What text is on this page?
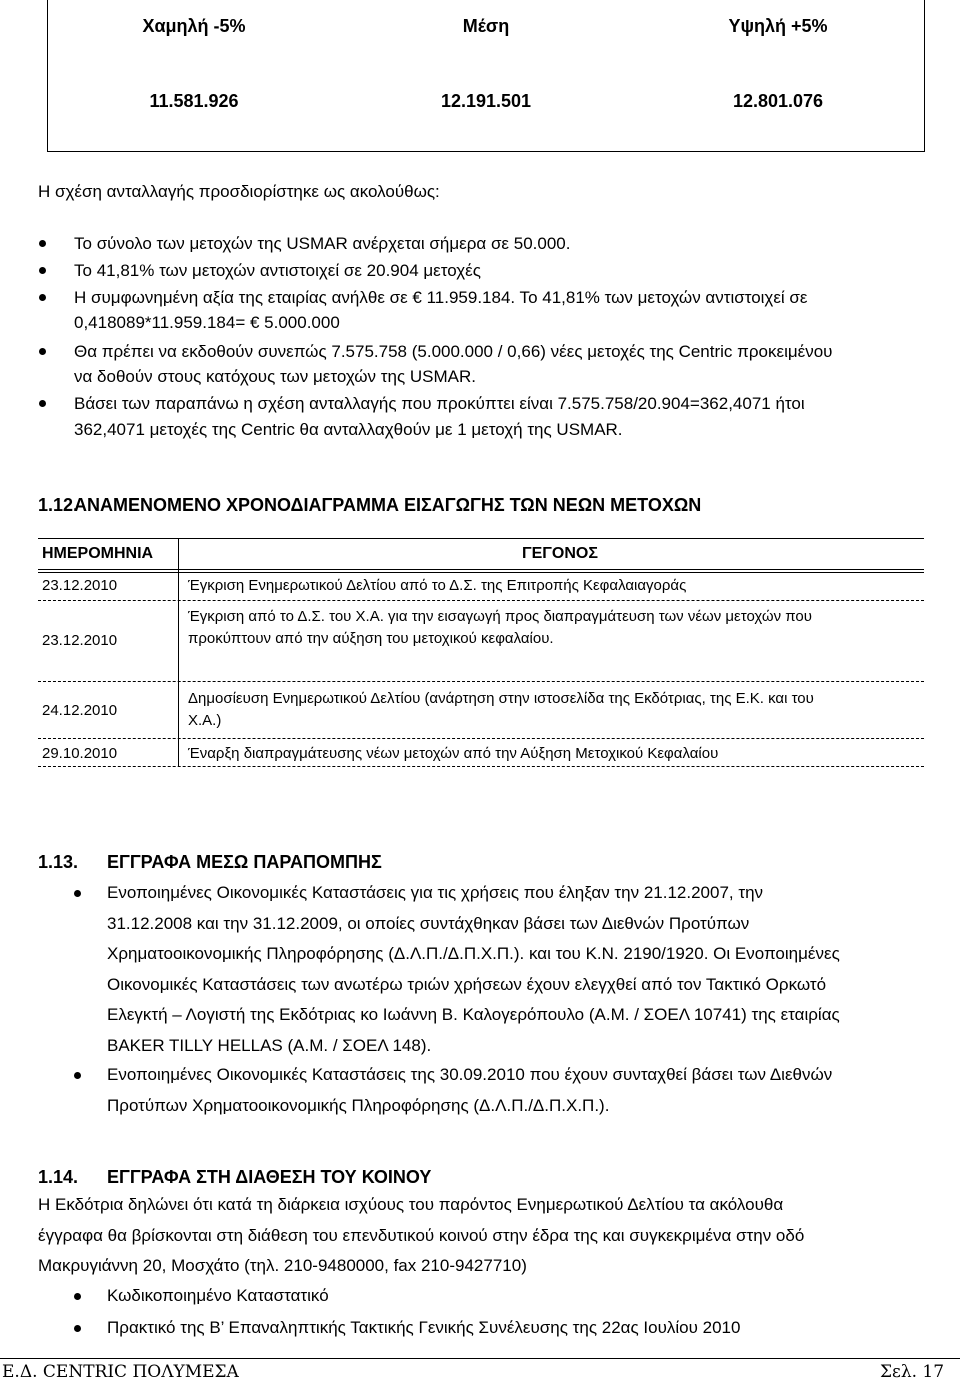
Χαμηλή -5%	Μέση	Υψηλή +5%
11.581.926	12.191.501	12.801.076
Η σχέση ανταλλαγής προσδιορίστηκε ως ακολούθως:
Το σύνολο των μετοχών της USMAR ανέρχεται σήμερα σε 50.000.
Το 41,81% των μετοχών αντιστοιχεί σε 20.904 μετοχές
Η συμφωνημένη αξία της εταιρίας ανήλθε σε € 11.959.184. Το 41,81% των μετοχών αντιστοιχεί σε
0,418089*11.959.184= € 5.000.000
Θα πρέπει να εκδοθούν συνεπώς 7.575.758 (5.000.000 / 0,66) νέες μετοχές της Centric προκειμένου
να δοθούν στους κατόχους των μετοχών της USMAR.
Βάσει των παραπάνω η σχέση ανταλλαγής που προκύπτει είναι 7.575.758/20.904=362,4071 ήτοι
362,4071 μετοχές της Centric θα ανταλλαχθούν με 1 μετοχή της USMAR.
1.12.
ΑΝΑΜΕΝΟΜΕΝΟ ΧΡΟΝΟΔΙΑΓΡΑΜΜΑ ΕΙΣΑΓΩΓΗΣ ΤΩΝ ΝΕΩΝ ΜΕΤΟΧΩΝ
ΗΜΕΡΟΜΗΝΙΑ	ΓΕΓΟΝΟΣ
23.12.2010	Έγκριση Ενημερωτικού Δελτίου από το Δ.Σ. της Επιτροπής Κεφαλαιαγοράς
23.12.2010
Έγκριση από το Δ.Σ. του Χ.Α. για την εισαγωγή προς διαπραγμάτευση των νέων μετοχών που
προκύπτουν από την αύξηση του μετοχικού κεφαλαίου.
24.12.2010
Δημοσίευση Ενημερωτικού Δελτίου (ανάρτηση στην ιστοσελίδα της Εκδότριας, της Ε.Κ. και του
Χ.Α.)
29.10.2010	Έναρξη διαπραγμάτευσης νέων μετοχών από την Αύξηση Μετοχικού Κεφαλαίου
1.13. ΕΓΓΡΑΦΑ ΜΕΣΩ ΠΑΡΑΠΟΜΠΗΣ
Ενοποιημένες Οικονομικές Καταστάσεις για τις χρήσεις που έληξαν την 21.12.2007, την
31.12.2008 και την 31.12.2009, οι οποίες συντάχθηκαν βάσει των Διεθνών Προτύπων
Χρηματοοικονομικής Πληροφόρησης (Δ.Λ.Π./Δ.Π.Χ.Π.). και του Κ.Ν. 2190/1920. Οι Ενοποιημένες
Οικονομικές Καταστάσεις των ανωτέρω τριών χρήσεων έχουν ελεγχθεί από τον Τακτικό Ορκωτό
Ελεγκτή – Λογιστή της Εκδότριας κο Ιωάννη Β. Καλογερόπουλο (Α.Μ. / ΣΟΕΛ 10741) της εταιρίας
BAKER TILLY HELLAS (Α.Μ. / ΣΟΕΛ 148).
Ενοποιημένες Οικονομικές Καταστάσεις της 30.09.2010 που έχουν συνταχθεί βάσει των Διεθνών
Προτύπων Χρηματοοικονομικής Πληροφόρησης (Δ.Λ.Π./Δ.Π.Χ.Π.).
1.14. ΕΓΓΡΑΦΑ ΣΤΗ ΔΙΑΘΕΣΗ ΤΟΥ ΚΟΙΝΟΥ
Η Εκδότρια δηλώνει ότι κατά τη διάρκεια ισχύους του παρόντος Ενημερωτικού Δελτίου τα ακόλουθα
έγγραφα θα βρίσκονται στη διάθεση του επενδυτικού κοινού στην έδρα της και συγκεκριμένα στην οδό
Μακρυγιάννη 20, Μοσχάτο (τηλ. 210-9480000, fax 210-9427710)
Κωδικοποιημένο Καταστατικό
Πρακτικό της Β’ Επαναληπτικής Τακτικής Γενικής Συνέλευσης της 22ας Ιουλίου 2010
Ε.Δ. CENTRIC ΠΟΛΥΜΕΣΑ	Σελ. 17
